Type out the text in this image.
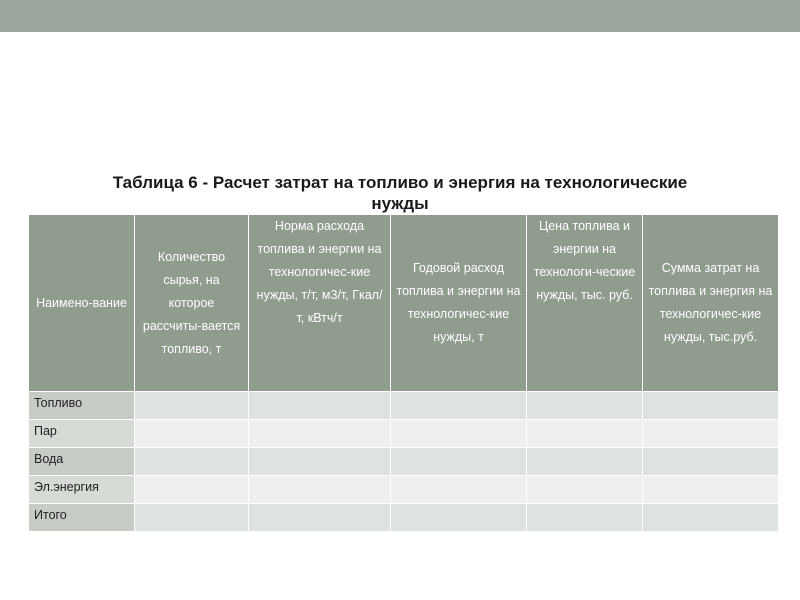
Таблица 6 - Расчет затрат на топливо и энергия на технологические
нужды
Наимено-вание	Количество сырья, на которое рассчиты-вается топливо, т	Норма расхода топлива и энергии на технологичес-кие нужды, т/т, м3/т, Гкал/т, кВтч/т	Годовой расход топлива и энергии на технологичес-кие нужды, т	Цена топлива и энергии на технологи-ческие нужды, тыс. руб.	Сумма затрат на топлива и энергия на технологичес-кие нужды, тыс.руб.
Топливо					
Пар					
Вода					
Эл.энергия					
Итого					
